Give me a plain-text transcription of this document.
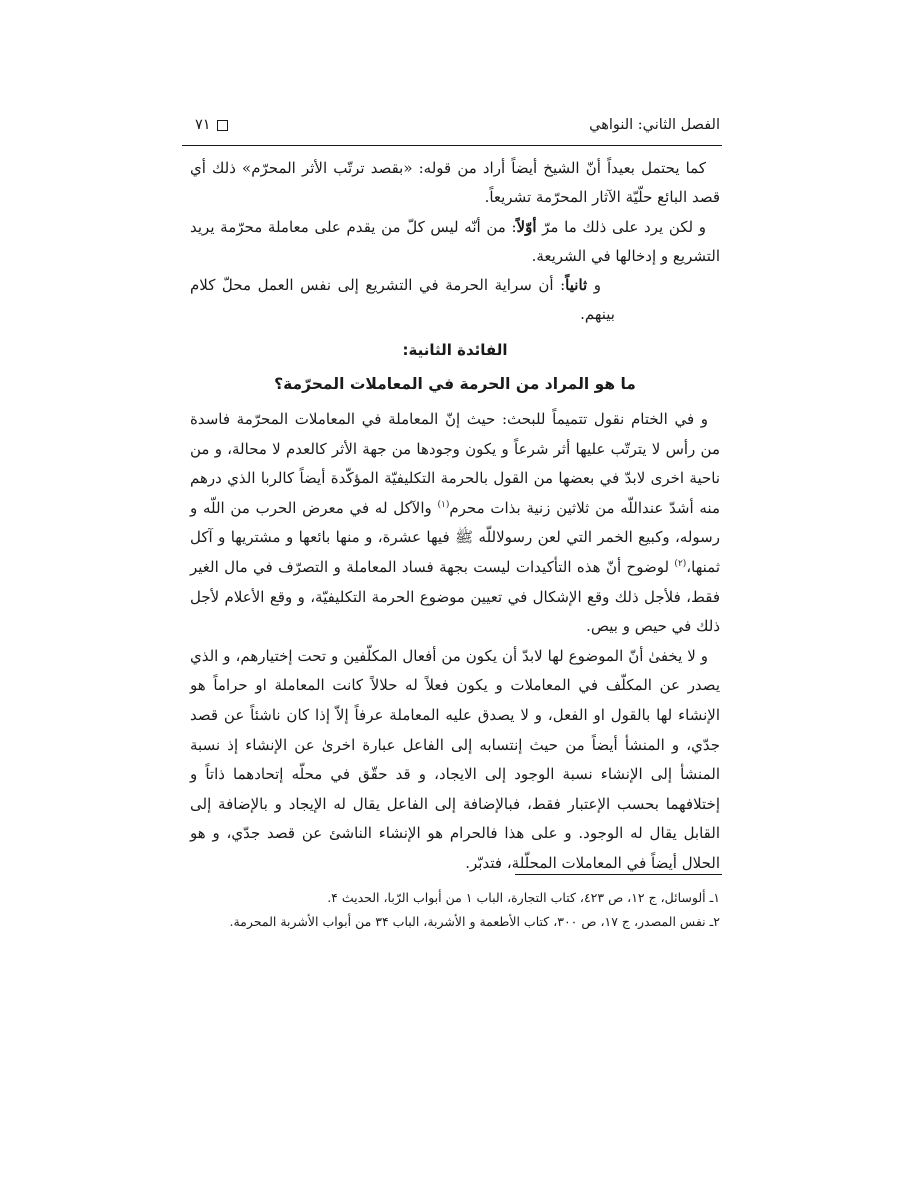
الفصل الثاني: النواهي
٧١

كما يحتمل بعيداً أنّ الشيخ أيضاً أراد من قوله: «بقصد ترتّب الأثر المحرّم» ذلك أي قصد البائع حلّيّة الآثار المحرّمة تشريعاً.

و لكن يرد على ذلك ما مرّ أوّلاً: من أنّه ليس كلّ من يقدم على معاملة محرّمة يريد التشريع و إدخالها في الشريعة.

و ثانياً: أن سراية الحرمة في التشريع إلى نفس العمل محلّ كلام بينهم.

الفائدة الثانية:
ما هو المراد من الحرمة في المعاملات المحرّمة؟

و في الختام نقول تتميماً للبحث: حيث إنّ المعاملة في المعاملات المحرّمة فاسدة من رأس لا يترتّب عليها أثر شرعاً و يكون وجودها من جهة الأثر كالعدم لا محالة، و من ناحية اخرى لابدّ في بعضها من القول بالحرمة التكليفيّة المؤكّدة أيضاً كالربا الذي درهم منه أشدّ عنداللّه من ثلاثين زنية بذات محرم$^{(١)}$ والآكل له في معرض الحرب من اللّه و رسوله، وكبيع الخمر التي لعن رسولاللّه ﷺ فيها عشرة، و منها بائعها و مشتريها و آكل ثمنها،$^{(٢)}$ لوضوح أنّ هذه التأكيدات ليست بجهة فساد المعاملة و التصرّف في مال الغير فقط، فلأجل ذلك وقع الإشكال في تعيين موضوع الحرمة التكليفيّة، و وقع الأعلام لأجل ذلك في حيص و بيص.

و لا يخفىٰ أنّ الموضوع لها لابدّ أن يكون من أفعال المكلّفين و تحت إختيارهم، و الذي يصدر عن المكلّف في المعاملات و يكون فعلاً له حلالاً كانت المعاملة او حراماً هو الإنشاء لها بالقول او الفعل، و لا يصدق عليه المعاملة عرفاً إلاّ إذا كان ناشئاً عن قصد جدّي، و المنشأ أيضاً من حيث إنتسابه إلى الفاعل عبارة اخرىٰ عن الإنشاء إذ نسبة المنشأ إلى الإنشاء نسبة الوجود إلى الايجاد، و قد حقّق في محلّه إتحادهما ذاتاً و إختلافهما بحسب الإعتبار فقط، فبالإضافة إلى الفاعل يقال له الإيجاد و بالإضافة إلى القابل يقال له الوجود. و على هذا فالحرام هو الإنشاء الناشئ عن قصد جدّي، و هو الحلال أيضاً في المعاملات المحلّلة، فتدبّر.

١ـ ألوسائل، ج ١٢، ص ٤٢٣، كتاب التجارة، الباب ١ من أبواب الرّبا، الحديث ۴.
٢ـ نفس المصدر، ج ١٧، ص ٣٠٠، كتاب الأطعمة و الأشربة، الباب ٣۴ من أبواب الأشربة المحرمة.
